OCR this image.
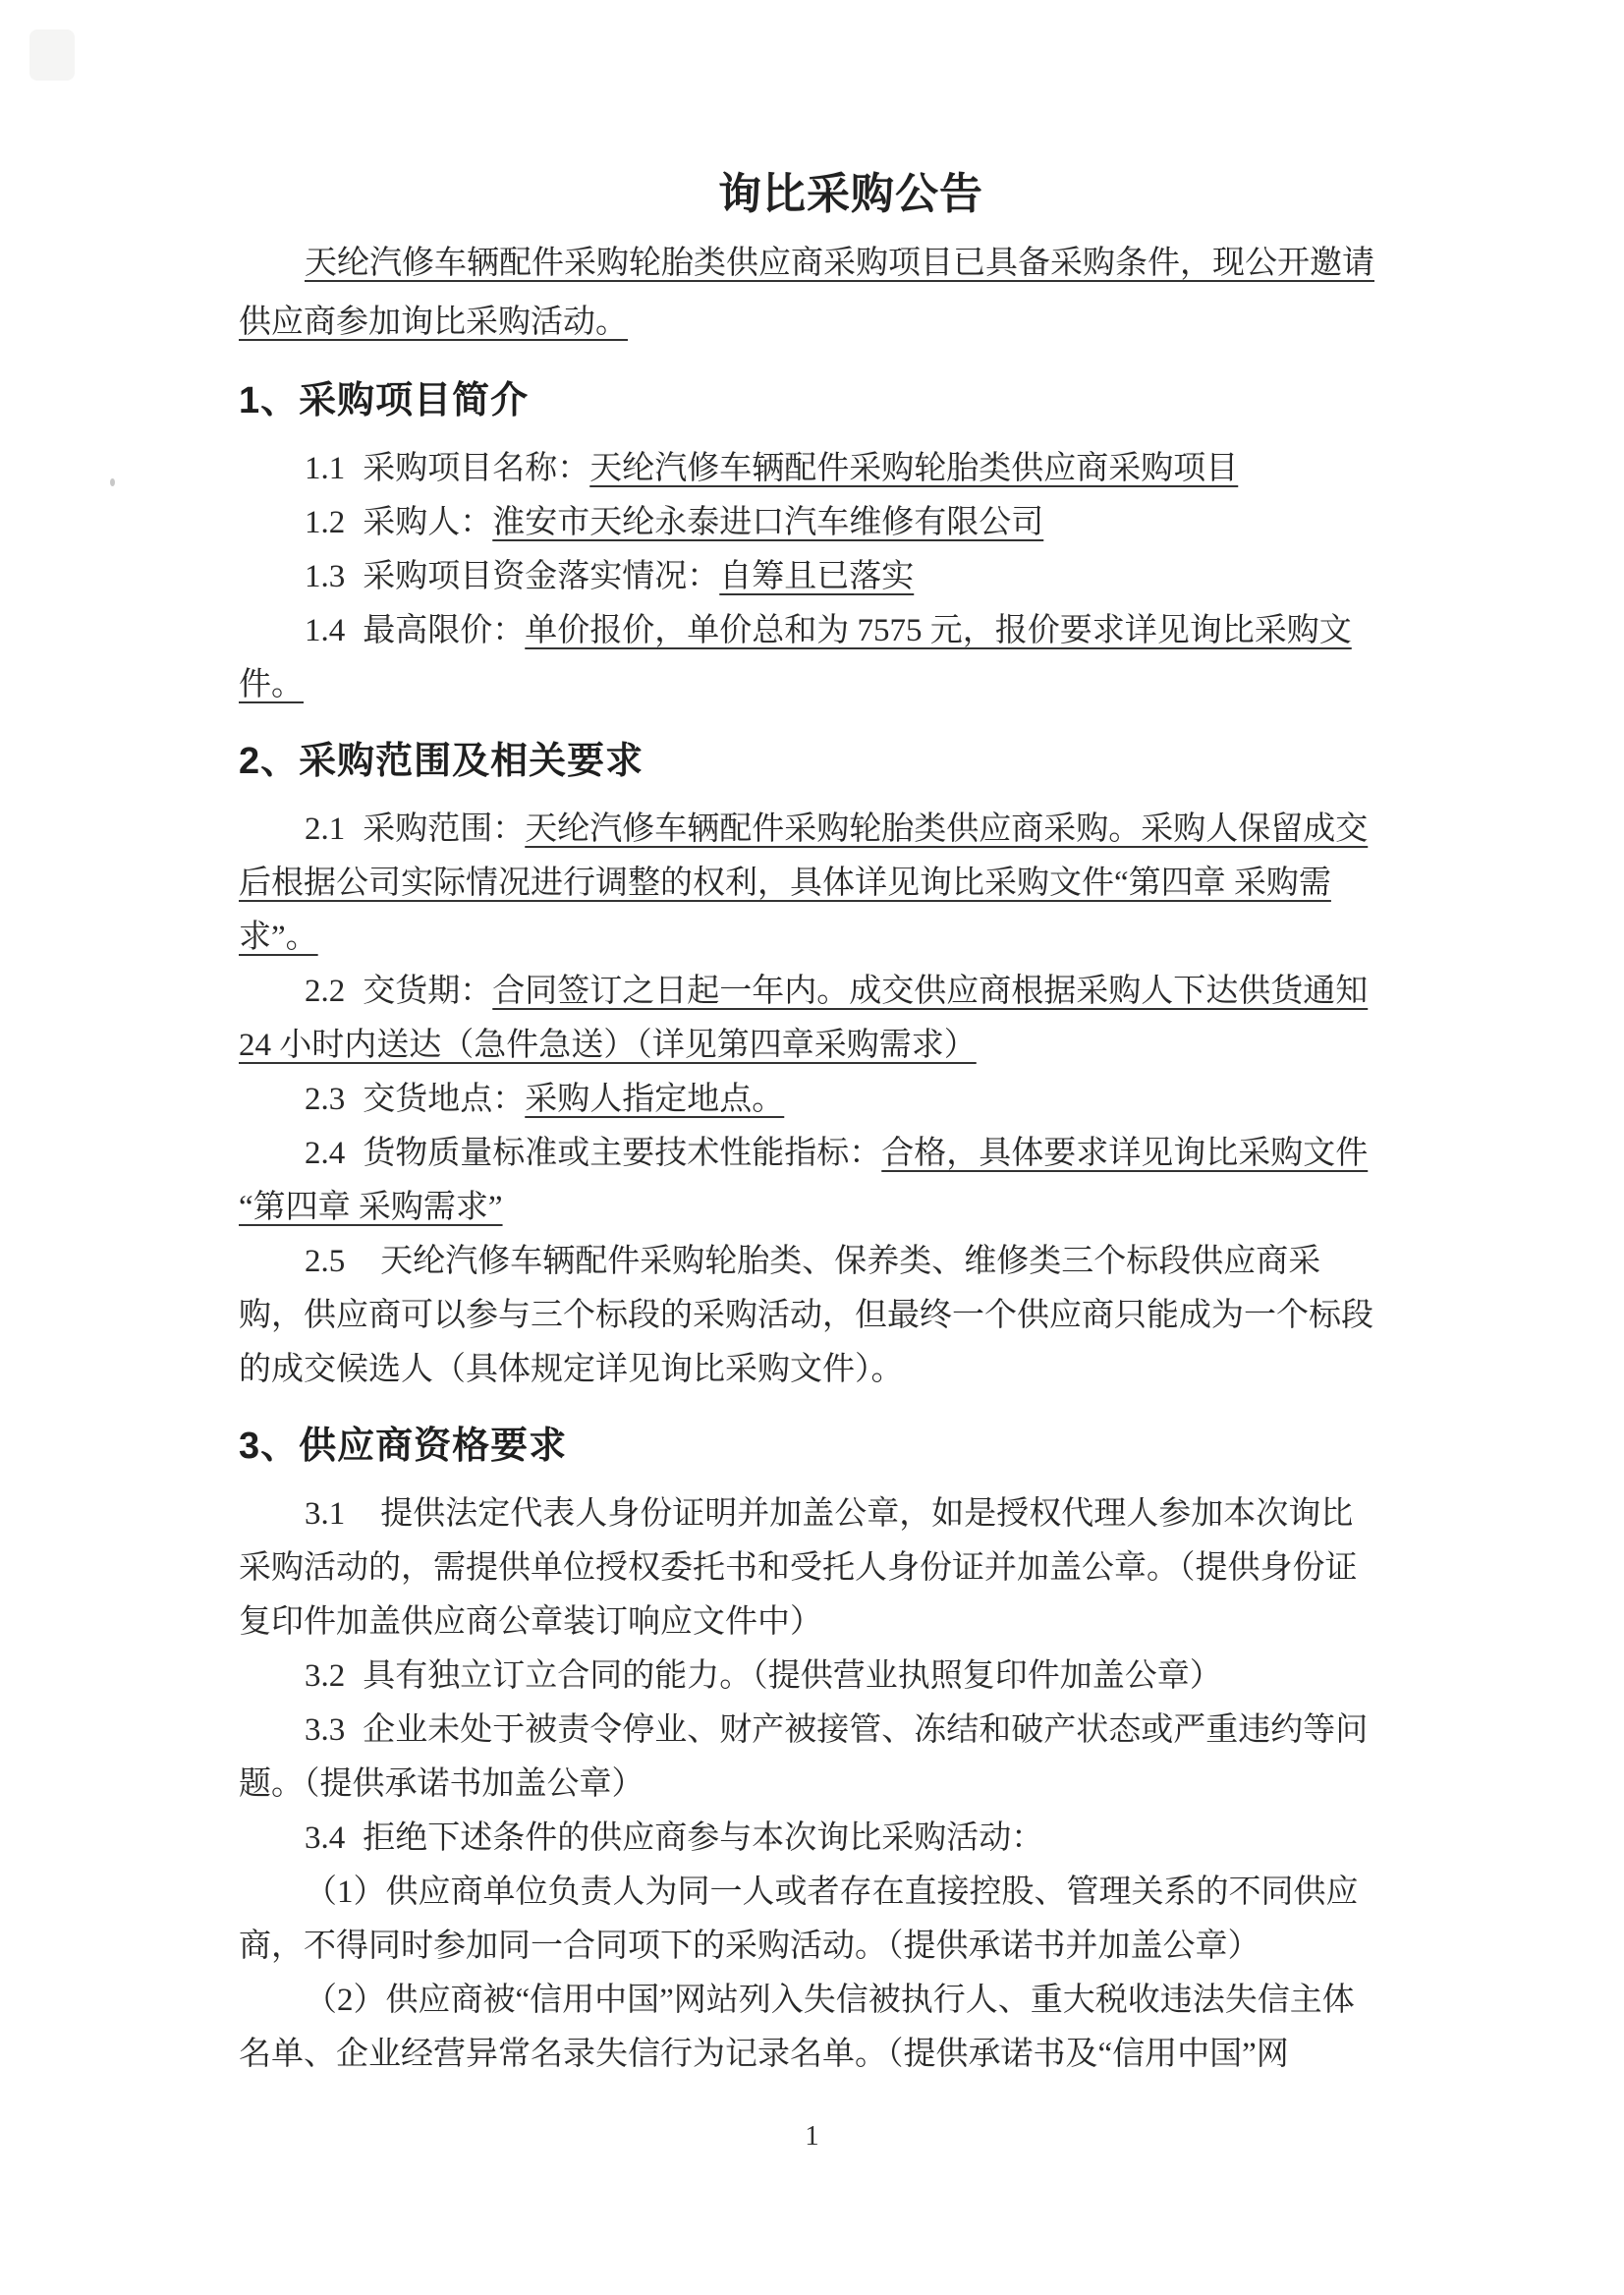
询比采购公告

天纶汽修车辆配件采购轮胎类供应商采购项目已具备采购条件，现公开邀请供应商参加询比采购活动。

1、采购项目简介

1.1 采购项目名称：天纶汽修车辆配件采购轮胎类供应商采购项目

1.2 采购人：淮安市天纶永泰进口汽车维修有限公司

1.3 采购项目资金落实情况：自筹且已落实

1.4 最高限价：单价报价，单价总和为 7575 元，报价要求详见询比采购文件。

2、采购范围及相关要求

2.1 采购范围：天纶汽修车辆配件采购轮胎类供应商采购。采购人保留成交后根据公司实际情况进行调整的权利，具体详见询比采购文件“第四章 采购需求”。

2.2 交货期：合同签订之日起一年内。成交供应商根据采购人下达供货通知 24 小时内送达（急件急送）（详见第四章采购需求）

2.3 交货地点：采购人指定地点。

2.4 货物质量标准或主要技术性能指标：合格，具体要求详见询比采购文件“第四章 采购需求”

2.5 天纶汽修车辆配件采购轮胎类、保养类、维修类三个标段供应商采购，供应商可以参与三个标段的采购活动，但最终一个供应商只能成为一个标段的成交候选人（具体规定详见询比采购文件）。

3、供应商资格要求

3.1 提供法定代表人身份证明并加盖公章，如是授权代理人参加本次询比采购活动的，需提供单位授权委托书和受托人身份证并加盖公章。（提供身份证复印件加盖供应商公章装订响应文件中）

3.2 具有独立订立合同的能力。（提供营业执照复印件加盖公章）

3.3 企业未处于被责令停业、财产被接管、冻结和破产状态或严重违约等问题。（提供承诺书加盖公章）

3.4 拒绝下述条件的供应商参与本次询比采购活动：

（1）供应商单位负责人为同一人或者存在直接控股、管理关系的不同供应商，不得同时参加同一合同项下的采购活动。（提供承诺书并加盖公章）

（2）供应商被“信用中国”网站列入失信被执行人、重大税收违法失信主体名单、企业经营异常名录失信行为记录名单。（提供承诺书及“信用中国”网

1
